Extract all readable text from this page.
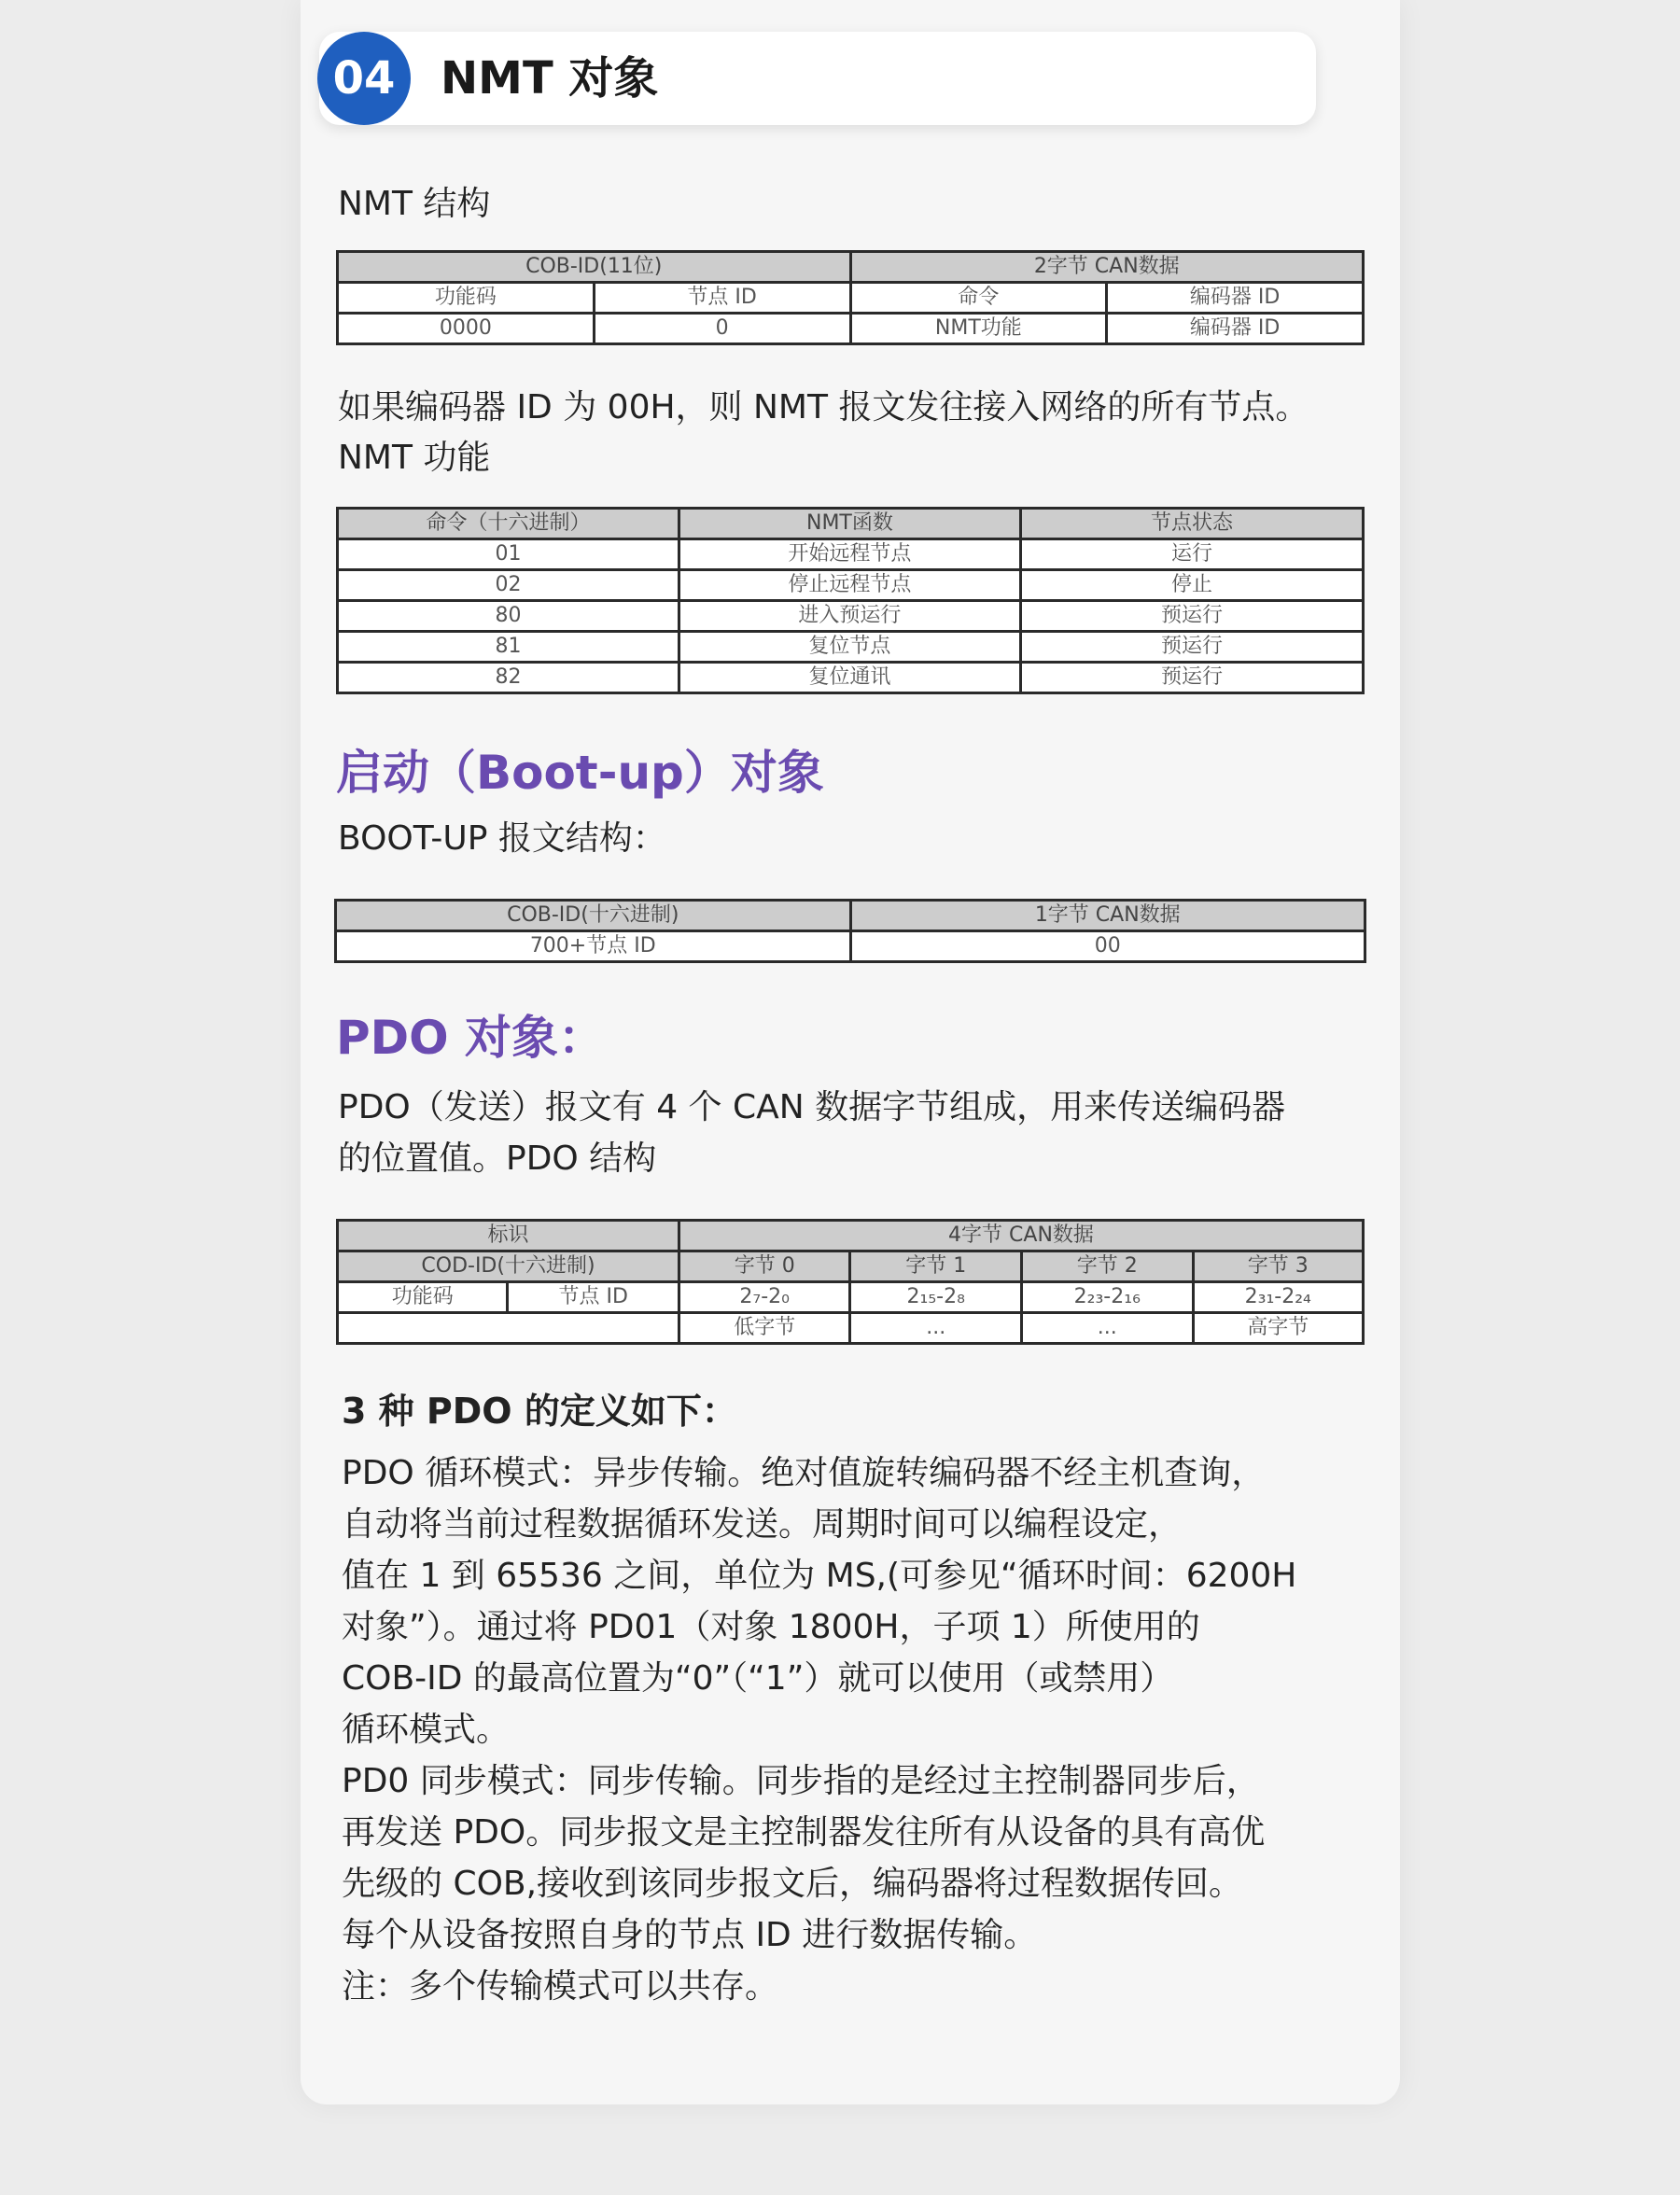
04	NMT 对象
NMT 结构
COB-ID(11位)		2字节 CAN数据	
功能码	节点 ID	命令	编码器 ID
0000	0	NMT功能	编码器 ID
如果编码器 ID 为 00H，则 NMT 报文发往接入网络的所有节点。
NMT 功能
命令（十六进制）	NMT函数	节点状态
01	开始远程节点	运行
02	停止远程节点	停止
80	进入预运行	预运行
81	复位节点	预运行
82	复位通讯	预运行
启动（Boot-up）对象
BOOT-UP 报文结构：
COB-ID(十六进制)	1字节 CAN数据
700+节点 ID	00
PDO 对象：
PDO（发送）报文有 4 个 CAN 数据字节组成，用来传送编码器
的位置值。PDO 结构
标识		4字节 CAN数据			
COD-ID(十六进制)		字节 0	字节 1	字节 2	字节 3
功能码	节点 ID	2₇-2₀	2₁₅-2₈	2₂₃-2₁₆	2₃₁-2₂₄
		低字节	...	...	高字节
3 种 PDO 的定义如下：
PDO 循环模式：异步传输。绝对值旋转编码器不经主机查询，
自动将当前过程数据循环发送。周期时间可以编程设定，
值在 1 到 65536 之间，单位为 MS,(可参见“循环时间：6200H
对象”）。通过将 PD01（对象 1800H，子项 1）所使用的
COB-ID 的最高位置为“0”（“1”）就可以使用（或禁用）
循环模式。
PD0 同步模式：同步传输。同步指的是经过主控制器同步后，
再发送 PDO。同步报文是主控制器发往所有从设备的具有高优
先级的 COB,接收到该同步报文后，编码器将过程数据传回。
每个从设备按照自身的节点 ID 进行数据传输。
注：多个传输模式可以共存。
